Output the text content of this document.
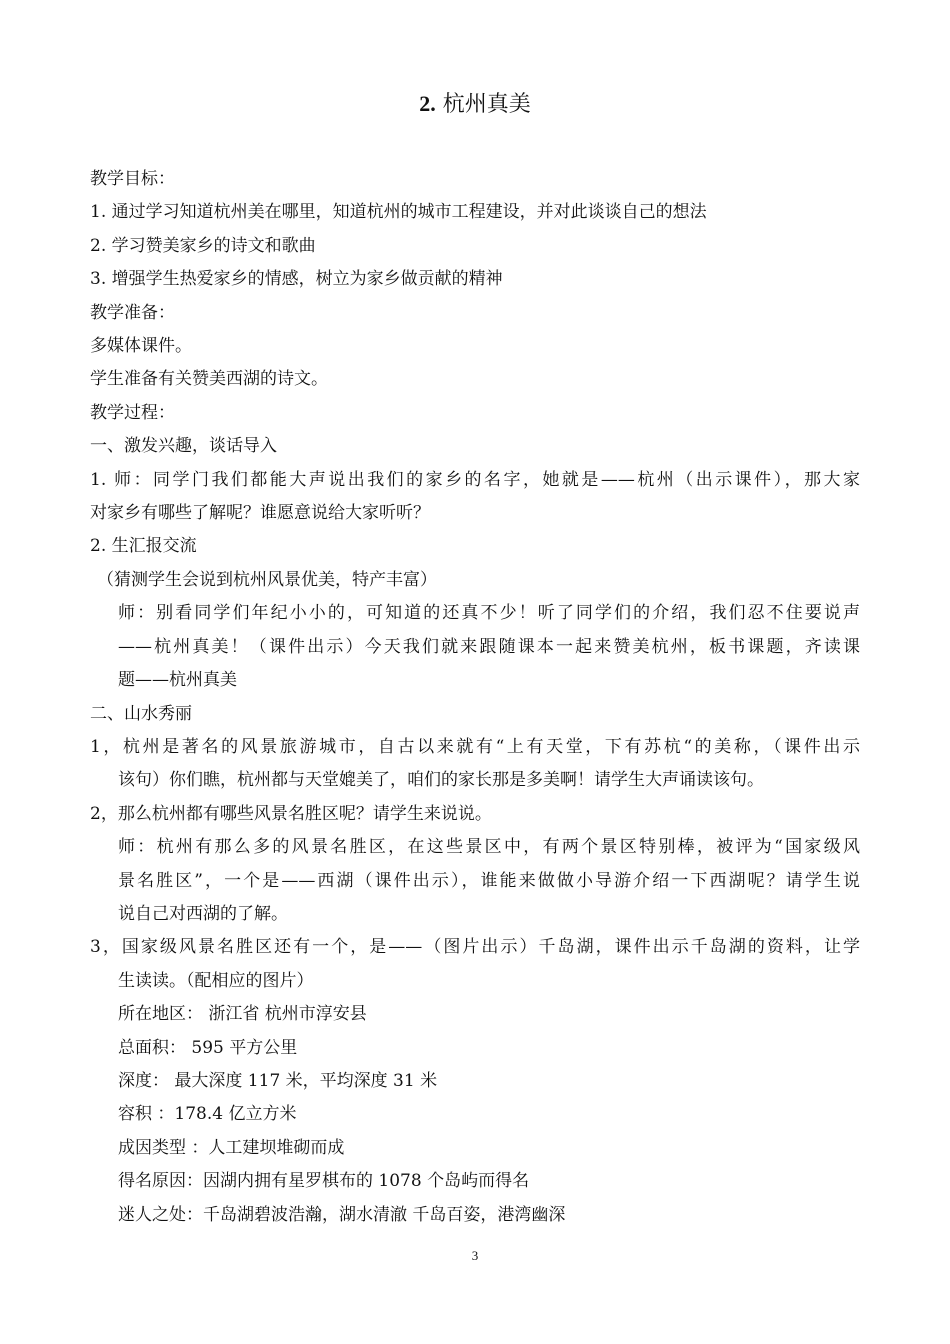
2. 杭州真美

教学目标：

1. 通过学习知道杭州美在哪里，知道杭州的城市工程建设，并对此谈谈自己的想法

2. 学习赞美家乡的诗文和歌曲

3. 增强学生热爱家乡的情感，树立为家乡做贡献的精神

教学准备：

多媒体课件。

学生准备有关赞美西湖的诗文。

教学过程：

一、激发兴趣，谈话导入

1. 师：同学门我们都能大声说出我们的家乡的名字，她就是——杭州（出示课件），那大家

对家乡有哪些了解呢？谁愿意说给大家听听？

2. 生汇报交流

（猜测学生会说到杭州风景优美，特产丰富）

师：别看同学们年纪小小的，可知道的还真不少！听了同学们的介绍，我们忍不住要说声

——杭州真美！（课件出示）今天我们就来跟随课本一起来赞美杭州，板书课题，齐读课

题——杭州真美

二、山水秀丽

1，杭州是著名的风景旅游城市，自古以来就有“上有天堂，下有苏杭“的美称，（课件出示

该句）你们瞧，杭州都与天堂媲美了，咱们的家长那是多美啊！请学生大声诵读该句。

2，那么杭州都有哪些风景名胜区呢？请学生来说说。

师：杭州有那么多的风景名胜区，在这些景区中，有两个景区特别棒，被评为“国家级风

景名胜区”，一个是——西湖（课件出示），谁能来做做小导游介绍一下西湖呢？请学生说

说自己对西湖的了解。

3，国家级风景名胜区还有一个，是——（图片出示）千岛湖，课件出示千岛湖的资料，让学

生读读。（配相应的图片）

所在地区： 浙江省 杭州市淳安县

总面积： 595 平方公里

深度： 最大深度 117 米，平均深度 31 米

容积 ：178.4 亿立方米

成因类型 ：人工建坝堆砌而成

得名原因：因湖内拥有星罗棋布的 1078 个岛屿而得名

迷人之处：千岛湖碧波浩瀚，湖水清澈 千岛百姿，港湾幽深

3
